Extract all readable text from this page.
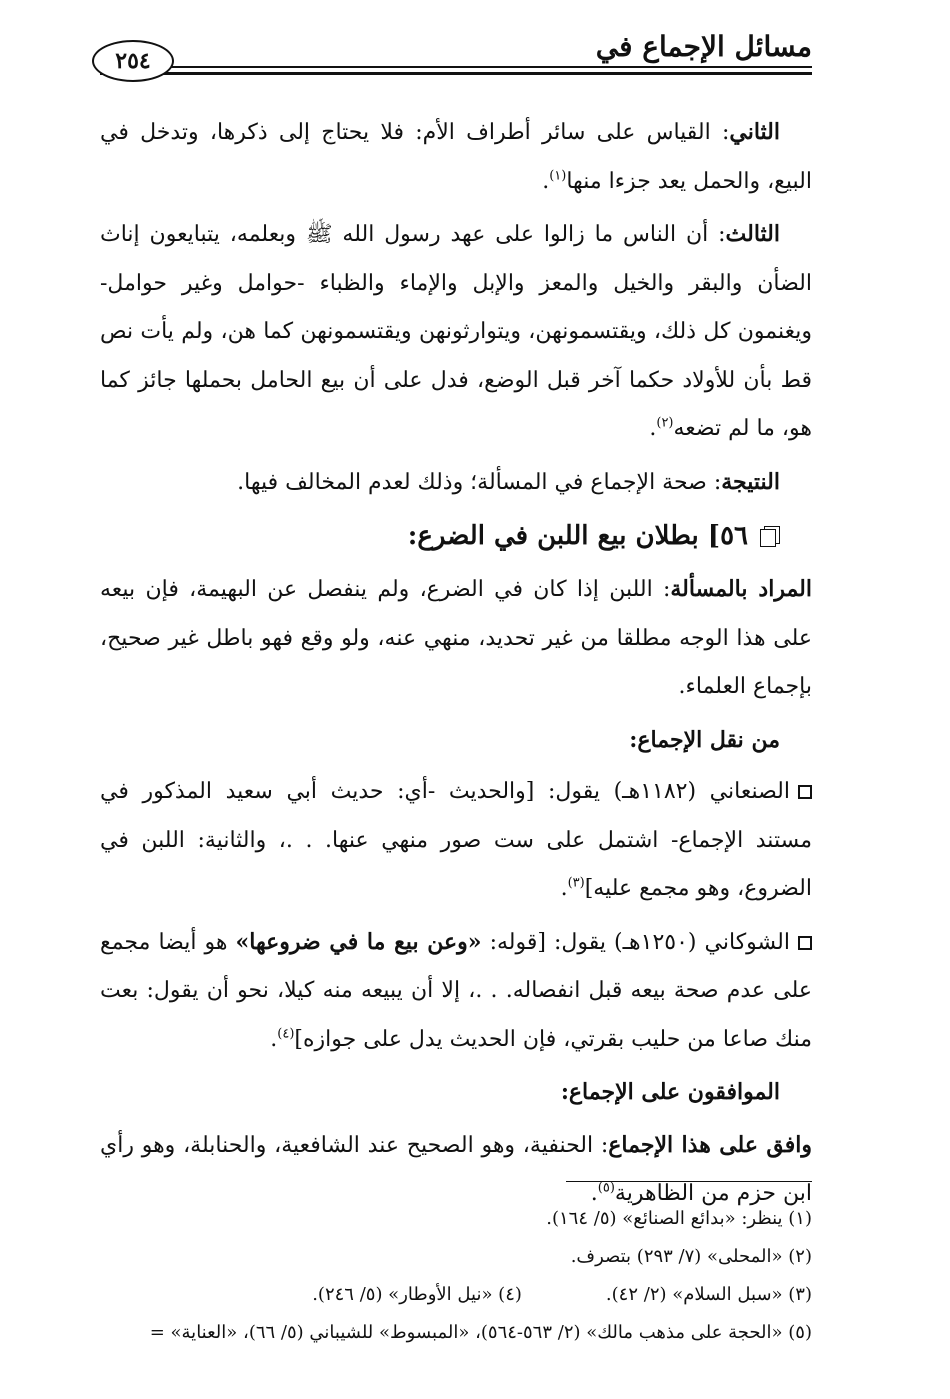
مسائل الإجماع في
٢٥٤

الثاني: القياس على سائر أطراف الأم: فلا يحتاج إلى ذكرها، وتدخل في البيع، والحمل يعد جزءا منها$^{(١)}$.

الثالث: أن الناس ما زالوا على عهد رسول الله ﷺ وبعلمه، يتبايعون إناث الضأن والبقر والخيل والمعز والإبل والإماء والظباء -حوامل وغير حوامل- ويغنمون كل ذلك، ويقتسمونهن، ويتوارثونهن ويقتسمونهن كما هن، ولم يأت نص قط بأن للأولاد حكما آخر قبل الوضع، فدل على أن بيع الحامل بحملها جائز كما هو، ما لم تضعه$^{(٢)}$.

النتيجة: صحة الإجماع في المسألة؛ وذلك لعدم المخالف فيها.

٥٦] بطلان بيع اللبن في الضرع:

المراد بالمسألة: اللبن إذا كان في الضرع، ولم ينفصل عن البهيمة، فإن بيعه على هذا الوجه مطلقا من غير تحديد، منهي عنه، ولو وقع فهو باطل غير صحيح، بإجماع العلماء.

من نقل الإجماع:

الصنعاني (١١٨٢هـ) يقول: [والحديث -أي: حديث أبي سعيد المذكور في مستند الإجماع- اشتمل على ست صور منهي عنها. . .، والثانية: اللبن في الضروع، وهو مجمع عليه]$^{(٣)}$.

الشوكاني (١٢٥٠هـ) يقول: [قوله: «وعن بيع ما في ضروعها» هو أيضا مجمع على عدم صحة بيعه قبل انفصاله. . .، إلا أن يبيعه منه كيلا، نحو أن يقول: بعت منك صاعا من حليب بقرتي، فإن الحديث يدل على جوازه]$^{(٤)}$.

الموافقون على الإجماع:

وافق على هذا الإجماع: الحنفية، وهو الصحيح عند الشافعية، والحنابلة، وهو رأي ابن حزم من الظاهرية$^{(٥)}$.

(١) ينظر: «بدائع الصنائع» (٥/ ١٦٤).

(٢) «المحلى» (٧/ ٢٩٣) بتصرف.

(٣) «سبل السلام» (٢/ ٤٢).

(٤) «نيل الأوطار» (٥/ ٢٤٦).

(٥) «الحجة على مذهب مالك» (٢/ ٥٦٣-٥٦٤)، «المبسوط» للشيباني (٥/ ٦٦)، «العناية» =
